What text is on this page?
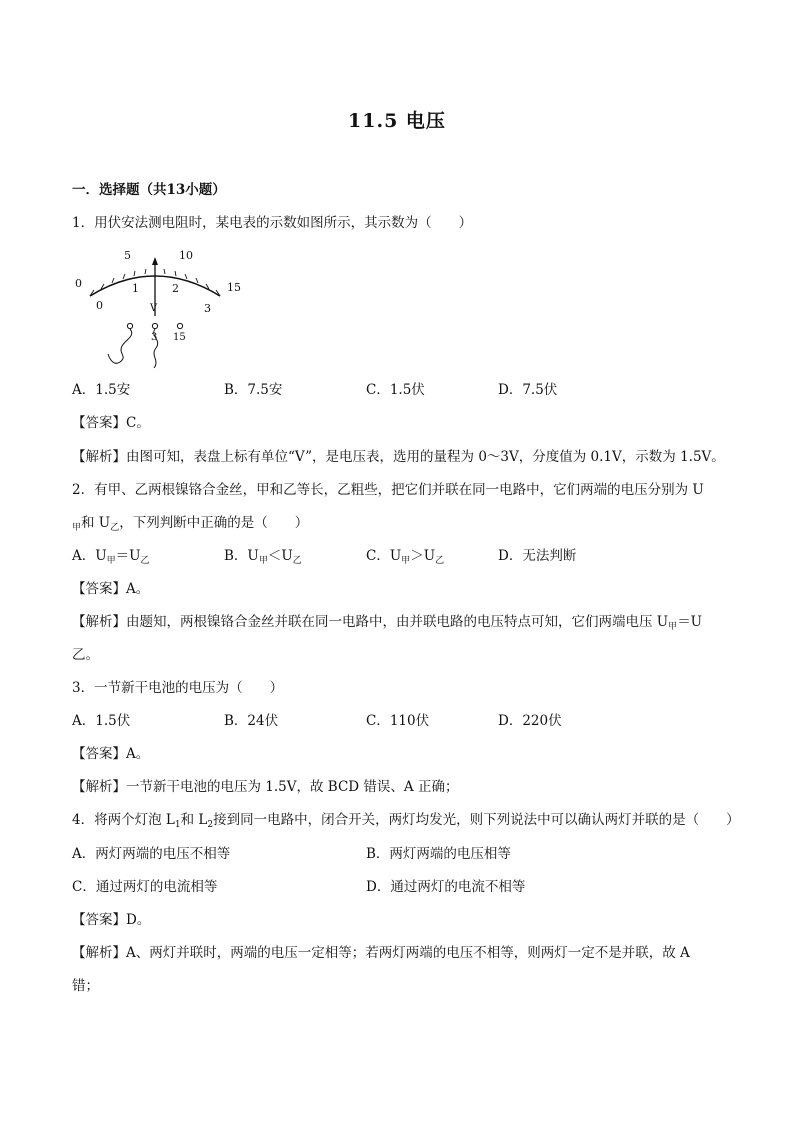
11.5 电压
一．选择题（共13小题）
1．用伏安法测电阻时，某电表的示数如图所示，其示数为（　　）
0
5	10
15
0
1	2
3
V
3 15
A．1.5安	B．7.5安	C．1.5伏	D．7.5伏
【答案】C。
【解析】由图可知，表盘上标有单位“V”，是电压表，选用的量程为 0～3V，分度值为 0.1V，示数为 1.5V。
2．有甲、乙两根镍铬合金丝，甲和乙等长，乙粗些，把它们并联在同一电路中，它们两端的电压分别为 U
$_甲$和 $U_乙$，下列判断中正确的是（　　）
A．$U_甲=U_乙$	B．$U_甲<U_乙$	C．$U_甲>U_乙$	D．无法判断
【答案】A。
【解析】由题知，两根镍铬合金丝并联在同一电路中，由并联电路的电压特点可知，它们两端电压 $U_甲=U$
乙。
3．一节新干电池的电压为（　　）
A．1.5伏	B．24伏	C．110伏	D．220伏
【答案】A。
【解析】一节新干电池的电压为 1.5V，故 BCD 错误、A 正确；
4．将两个灯泡 $L_1$和 $L_2$接到同一电路中，闭合开关，两灯均发光，则下列说法中可以确认两灯并联的是（　　）
A．两灯两端的电压不相等	B．两灯两端的电压相等
C．通过两灯的电流相等	D．通过两灯的电流不相等
【答案】D。
【解析】A、两灯并联时，两端的电压一定相等；若两灯两端的电压不相等，则两灯一定不是并联，故 A
错；
